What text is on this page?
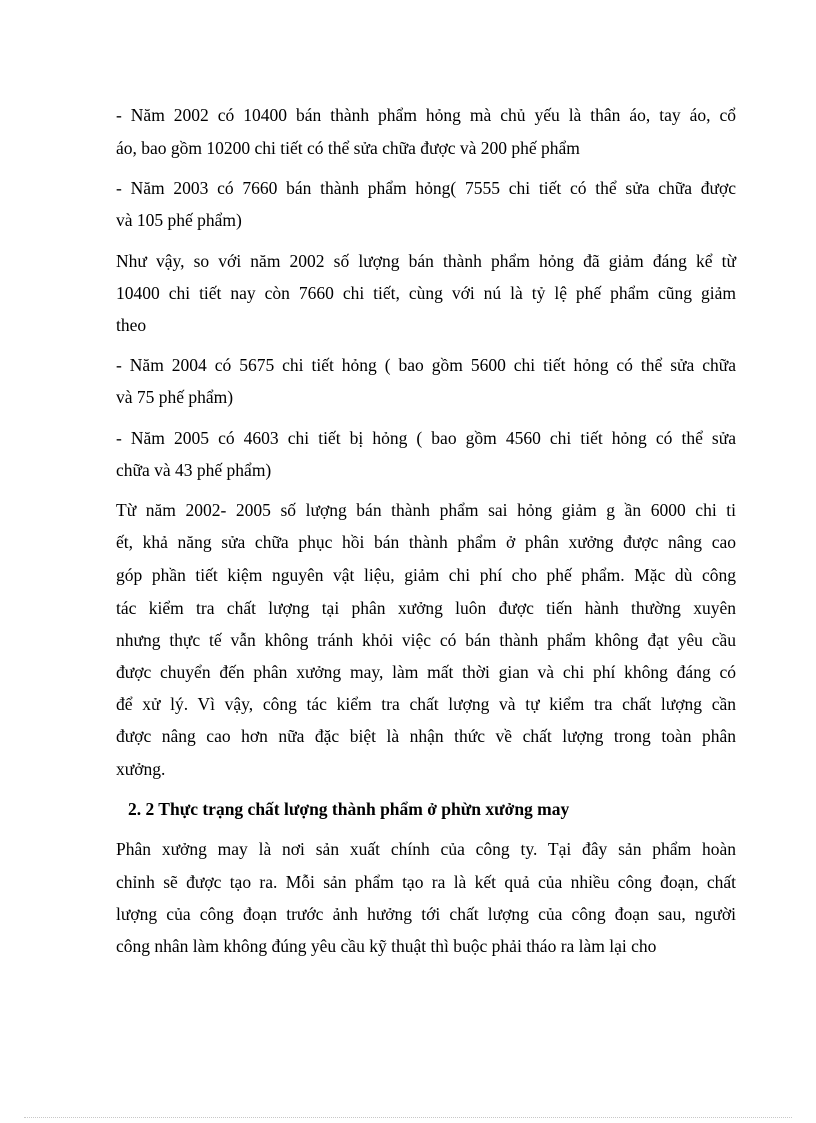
- Năm 2002 có 10400 bán thành phẩm hỏng mà chủ yếu là thân áo, tay áo, cổ
áo, bao gồm 10200 chi tiết có thể sửa chữa được và 200 phế phẩm
- Năm 2003 có 7660 bán thành phẩm hỏng( 7555 chi tiết có thể sửa chữa được
và 105 phế phẩm)
Như vậy, so với năm 2002 số lượng bán thành phẩm hỏng đã giảm đáng kể từ
10400 chi tiết nay còn 7660 chi tiết, cùng với nú là tỷ lệ phế phẩm cũng giảm
theo
- Năm 2004 có 5675 chi tiết hỏng ( bao gồm 5600 chi tiết hỏng có thể sửa chữa
và 75 phế phẩm)
- Năm 2005 có 4603 chi tiết bị hỏng ( bao gồm 4560 chi tiết hỏng có thể sửa
chữa và 43 phế phẩm)
Từ năm 2002- 2005 số lượng bán thành phẩm sai hỏng giảm g ần 6000 chi ti
ết, khả năng sửa chữa phục hồi bán thành phẩm ở phân xưởng được nâng cao
góp phần tiết kiệm nguyên vật liệu, giảm chi phí cho phế phẩm. Mặc dù công
tác kiểm tra chất lượng tại phân xưởng luôn được tiến hành thường xuyên
nhưng thực tế vẫn không tránh khỏi việc có bán thành phẩm không đạt yêu cầu
được chuyển đến phân xưởng may, làm mất thời gian và chi phí không đáng có
để xử lý. Vì vậy, công tác kiểm tra chất lượng và tự kiểm tra chất lượng cần
được nâng cao hơn nữa đặc biệt là nhận thức về chất lượng trong toàn phân
xưởng.
2. 2 Thực trạng chất lượng thành phẩm ở phừn xưởng may
Phân xưởng may là nơi sản xuất chính của công ty. Tại đây sản phẩm hoàn
chỉnh sẽ được tạo ra. Mỗi sản phẩm tạo ra là kết quả của nhiều công đoạn, chất
lượng của công đoạn trước ảnh hưởng tới chất lượng của công đoạn sau, người
công nhân làm không đúng yêu cầu kỹ thuật thì buộc phải tháo ra làm lại cho
